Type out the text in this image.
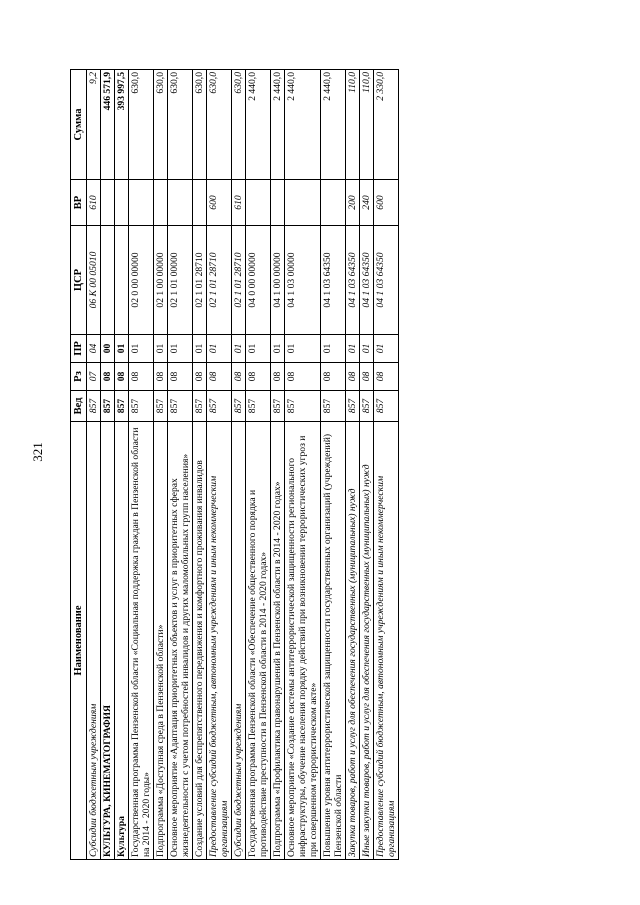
321
Наименование	Вед	Рз	ПР	ЦСР	ВР	Сумма
Субсидии бюджетным учреждениям	857	07	04	06 К 00 05010	610	9,2
КУЛЬТУРА, КИНЕМАТОГРАФИЯ	857	08	00			446 571,9
Культура	857	08	01			393 997,5
Государственная программа Пензенской области «Социальная поддержка граждан в Пензенской области на 2014 - 2020 годы»	857	08	01	02 0 00 00000		630,0
Подпрограмма «Доступная среда в Пензенской области»	857	08	01	02 1 00 00000		630,0
Основное мероприятие «Адаптация приоритетных объектов и услуг в приоритетных сферах жизнедеятельности с учетом потребностей инвалидов и других маломобильных групп населения»	857	08	01	02 1 01 00000		630,0
Создание условий для беспрепятственного передвижения и комфортного проживания инвалидов	857	08	01	02 1 01 28710		630,0
Предоставление субсидий бюджетным, автономным учреждениям и иным некоммерческим организациям	857	08	01	02 1 01 28710	600	630,0
Субсидии бюджетным учреждениям	857	08	01	02 1 01 28710	610	630,0
Государственная программа Пензенской области «Обеспечение общественного порядка и противодействие преступности в Пензенской области в 2014 - 2020 годах»	857	08	01	04 0 00 00000		2 440,0
Подпрограмма «Профилактика правонарушений в Пензенской области в 2014 - 2020 годах»	857	08	01	04 1 00 00000		2 440,0
Основное мероприятие «Создание системы антитеррористической защищенности регионального инфраструктуры, обучение населения порядку действий при возникновении террористических угроз и при совершенном террористическом акте»	857	08	01	04 1 03 00000		2 440,0
Повышение уровня антитеррористической защищенности государственных организаций (учреждений) Пензенской области	857	08	01	04 1 03 64350		2 440,0
Закупка товаров, работ и услуг для обеспечения государственных (муниципальных) нужд	857	08	01	04 1 03 64350	200	110,0
Иные закупки товаров, работ и услуг для обеспечения государственных (муниципальных) нужд	857	08	01	04 1 03 64350	240	110,0
Предоставление субсидий бюджетным, автономным учреждениям и иным некоммерческим организациям	857	08	01	04 1 03 64350	600	2 330,0
